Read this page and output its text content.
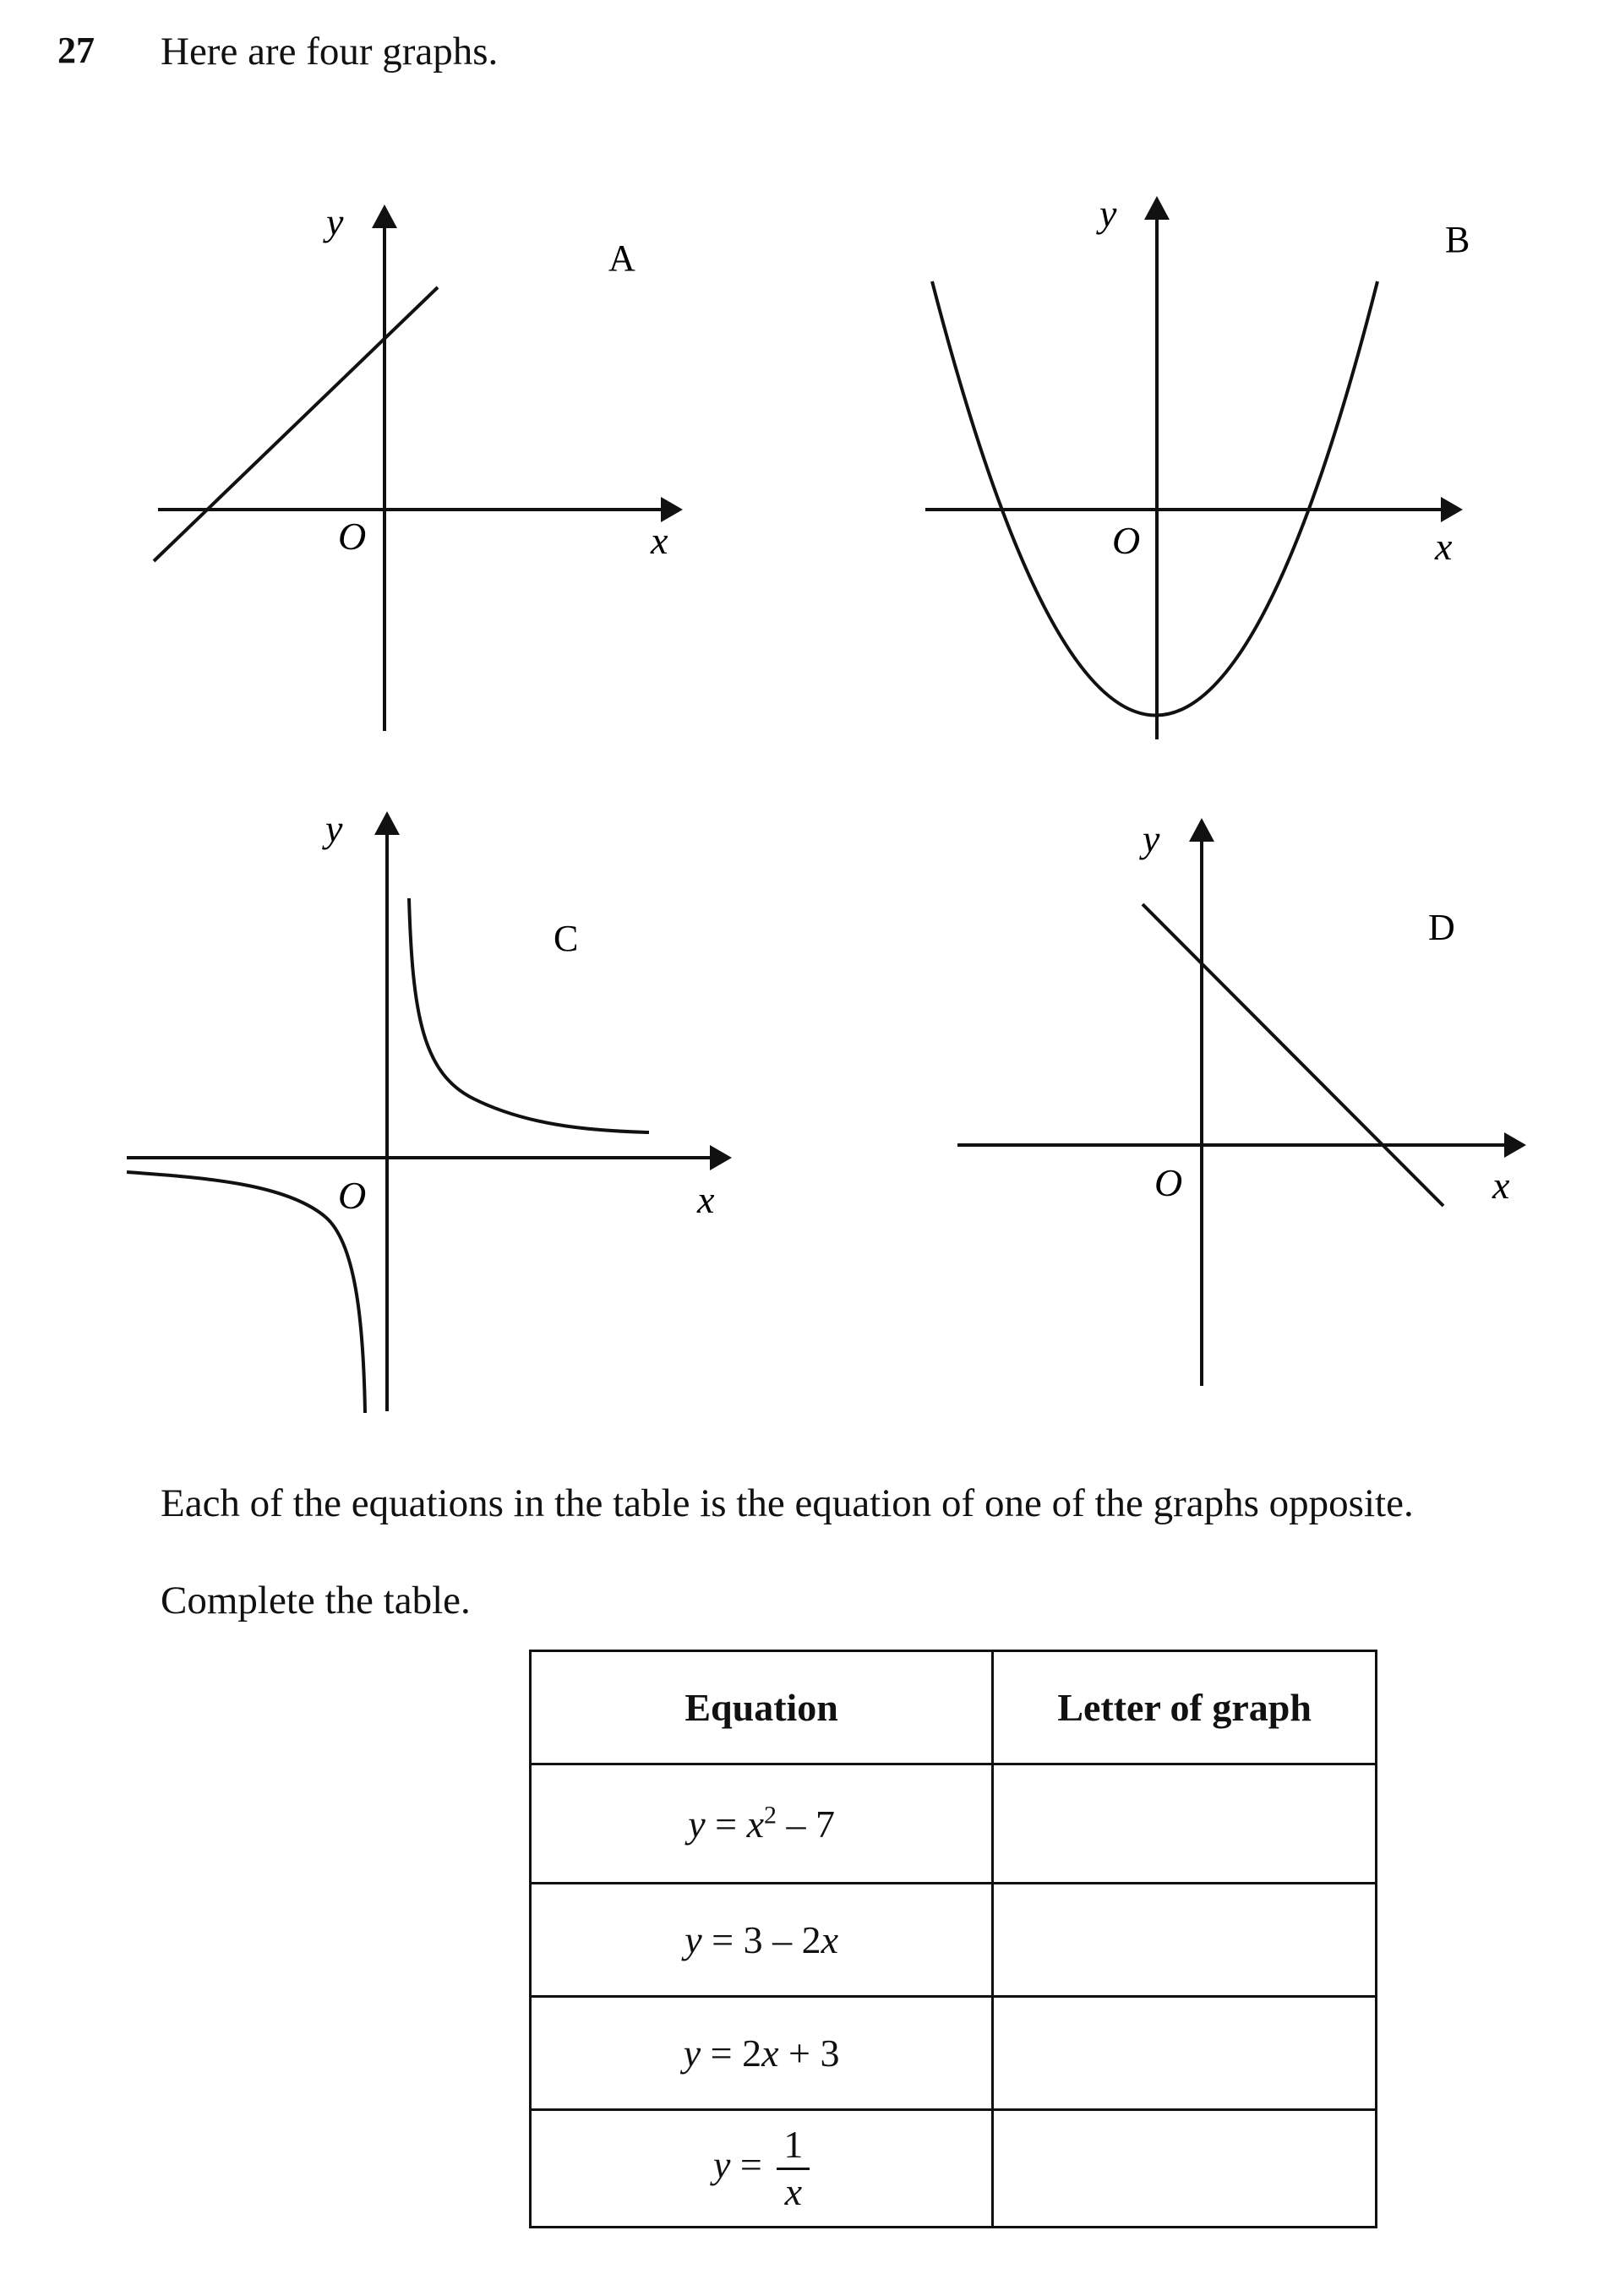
27 Here are four graphs.
y
O	x
A
y
O	x
B
y
O	x
C
y
O	x
D
Each of the equations in the table is the equation of one of the graphs opposite.
Complete the table.
Equation	Letter of graph
$y = x^2 - 7$	
y = 3 – 2x	
y = 2x + 3	
$y = \frac{1}{x}$
